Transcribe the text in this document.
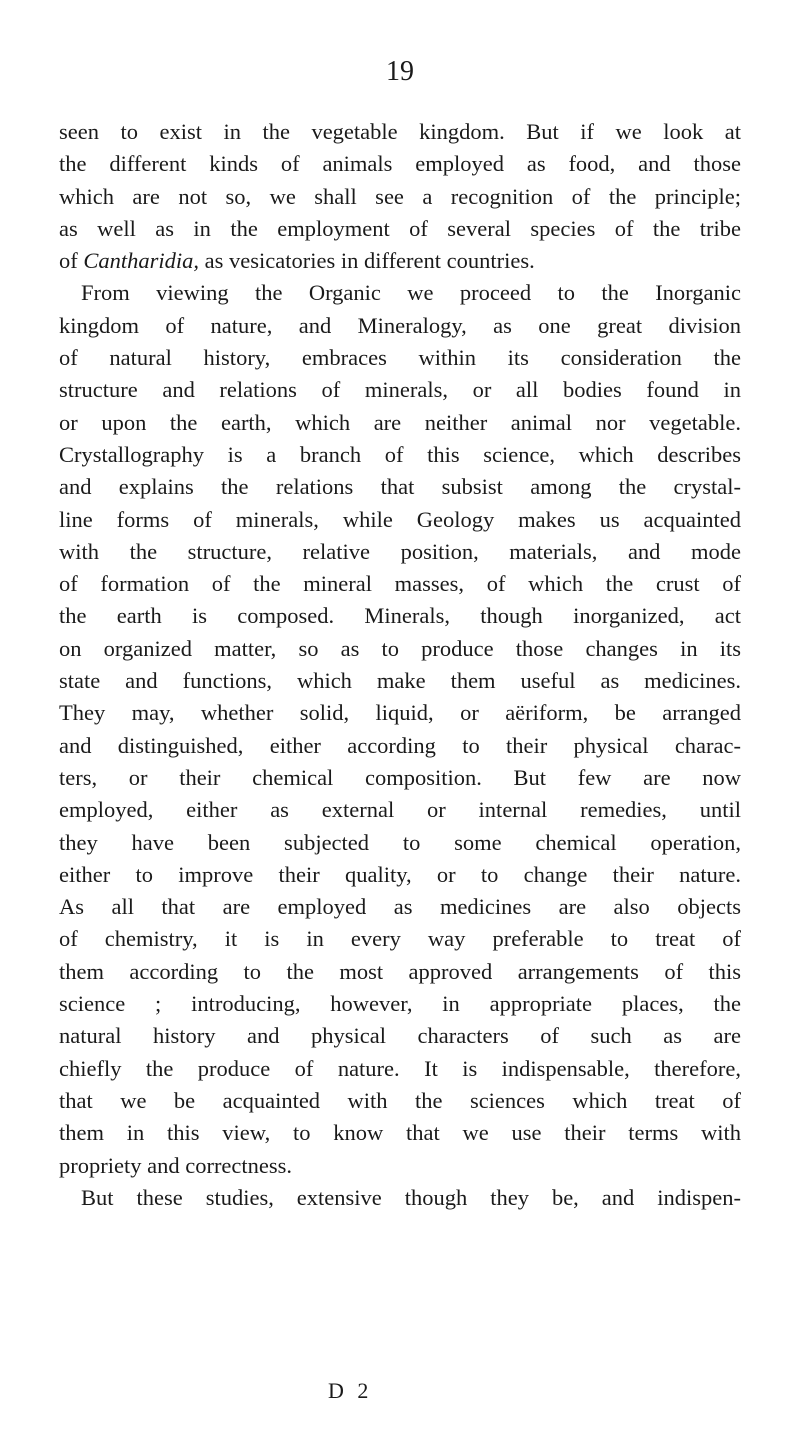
19
seen to exist in the vegetable kingdom. But if we look at
the different kinds of animals employed as food, and those
which are not so, we shall see a recognition of the principle;
as well as in the employment of several species of the tribe
of Cantharidia, as vesicatories in different countries.
From viewing the Organic we proceed to the Inorganic
kingdom of nature, and Mineralogy, as one great division
of natural history, embraces within its consideration the
structure and relations of minerals, or all bodies found in
or upon the earth, which are neither animal nor vegetable.
Crystallography is a branch of this science, which describes
and explains the relations that subsist among the crystal-
line forms of minerals, while Geology makes us acquainted
with the structure, relative position, materials, and mode
of formation of the mineral masses, of which the crust of
the earth is composed. Minerals, though inorganized, act
on organized matter, so as to produce those changes in its
state and functions, which make them useful as medicines.
They may, whether solid, liquid, or aëriform, be arranged
and distinguished, either according to their physical charac-
ters, or their chemical composition. But few are now
employed, either as external or internal remedies, until
they have been subjected to some chemical operation,
either to improve their quality, or to change their nature.
As all that are employed as medicines are also objects
of chemistry, it is in every way preferable to treat of
them according to the most approved arrangements of this
science ; introducing, however, in appropriate places, the
natural history and physical characters of such as are
chiefly the produce of nature. It is indispensable, therefore,
that we be acquainted with the sciences which treat of
them in this view, to know that we use their terms with
propriety and correctness.
But these studies, extensive though they be, and indispen-
D 2
